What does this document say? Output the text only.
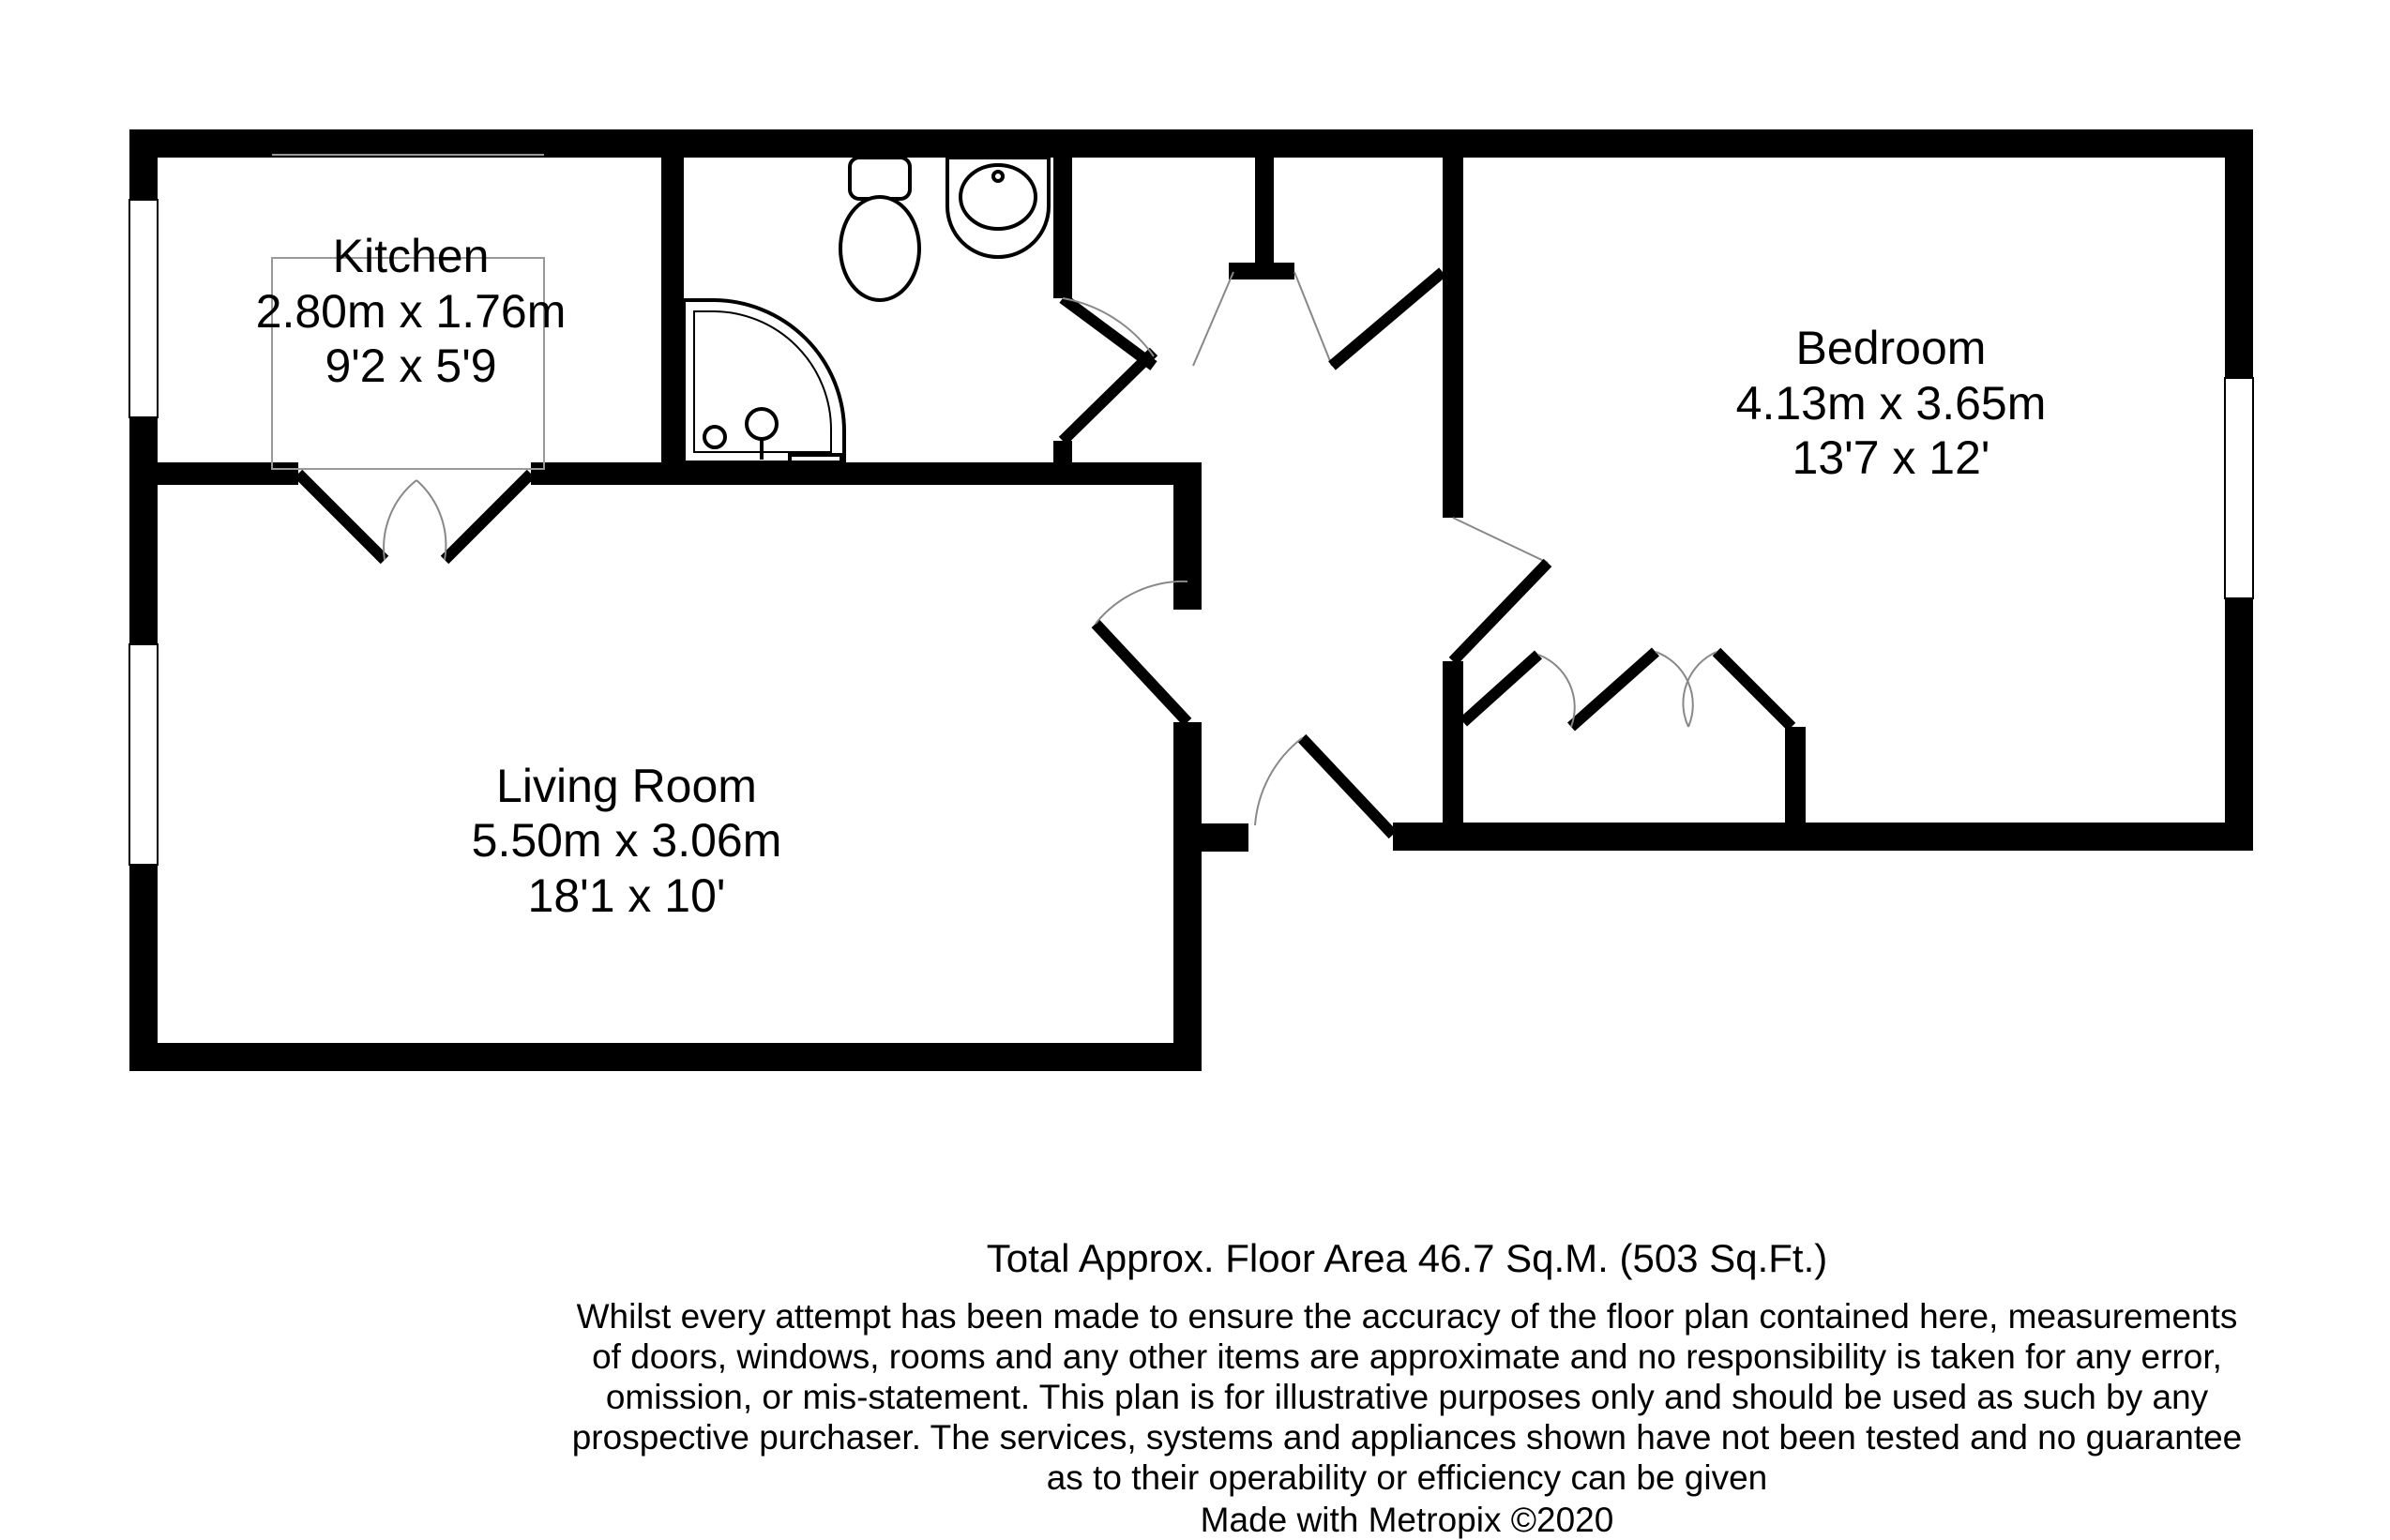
Kitchen
2.80m x 1.76m
9'2 x 5'9	Bedroom
4.13m x 3.65m
13'7 x 12'
Living Room
5.50m x 3.06m
18'1 x 10'
Total Approx. Floor Area 46.7 Sq.M. (503 Sq.Ft.)
Whilst every attempt has been made to ensure the accuracy of the floor plan contained here, measurements
of doors, windows, rooms and any other items are approximate and no responsibility is taken for any error,
omission, or mis-statement. This plan is for illustrative purposes only and should be used as such by any
prospective purchaser. The services, systems and appliances shown have not been tested and no guarantee
as to their operability or efficiency can be given
Made with Metropix ©2020
